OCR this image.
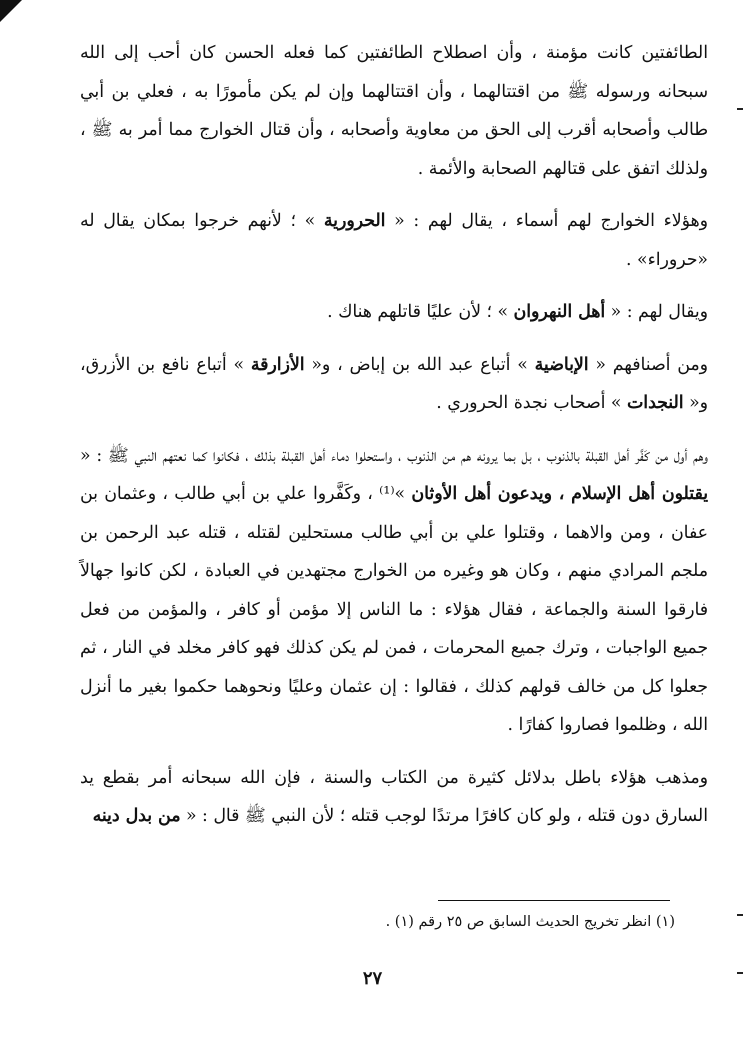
الطائفتين كانت مؤمنة ، وأن اصطلاح الطائفتين كما فعله الحسن كان أحب إلى الله سبحانه ورسوله ﷺ من اقتتالهما ، وأن اقتتالهما وإن لم يكن مأمورًا به ، فعلي بن أبي طالب وأصحابه أقرب إلى الحق من معاوية وأصحابه ، وأن قتال الخوارج مما أمر به ﷺ ، ولذلك اتفق على قتالهم الصحابة والأئمة .

وهؤلاء الخوارج لهم أسماء ، يقال لهم : « الحرورية » ؛ لأنهم خرجوا بمكان يقال له «حروراء» .

ويقال لهم : « أهل النهروان » ؛ لأن عليًا قاتلهم هناك .

ومن أصنافهم « الإباضية » أتباع عبد الله بن إباض ، و« الأزارقة » أتباع نافع بن الأزرق، و« النجدات » أصحاب نجدة الحروري .

وهم أول من كَفَّر أهل القبلة بالذنوب ، بل بما يرونه هم من الذنوب ، واستحلوا دماء أهل القبلة بذلك ، فكانوا كما نعتهم النبي ﷺ : « يقتلون أهل الإسلام ، ويدعون أهل الأوثان »⁽¹⁾ ، وكَفَّروا علي بن أبي طالب ، وعثمان بن عفان ، ومن والاهما ، وقتلوا علي بن أبي طالب مستحلين لقتله ، قتله عبد الرحمن بن ملجم المرادي منهم ، وكان هو وغيره من الخوارج مجتهدين في العبادة ، لكن كانوا جهالاً فارقوا السنة والجماعة ، فقال هؤلاء : ما الناس إلا مؤمن أو كافر ، والمؤمن من فعل جميع الواجبات ، وترك جميع المحرمات ، فمن لم يكن كذلك فهو كافر مخلد في النار ، ثم جعلوا كل من خالف قولهم كذلك ، فقالوا : إن عثمان وعليًا ونحوهما حكموا بغير ما أنزل الله ، وظلموا فصاروا كفارًا .

ومذهب هؤلاء باطل بدلائل كثيرة من الكتاب والسنة ، فإن الله سبحانه أمر بقطع يد السارق دون قتله ، ولو كان كافرًا مرتدًا لوجب قتله ؛ لأن النبي ﷺ قال : « من بدل دينه

(١) انظر تخريج الحديث السابق ص ٢٥ رقم (١) .
٢٧
